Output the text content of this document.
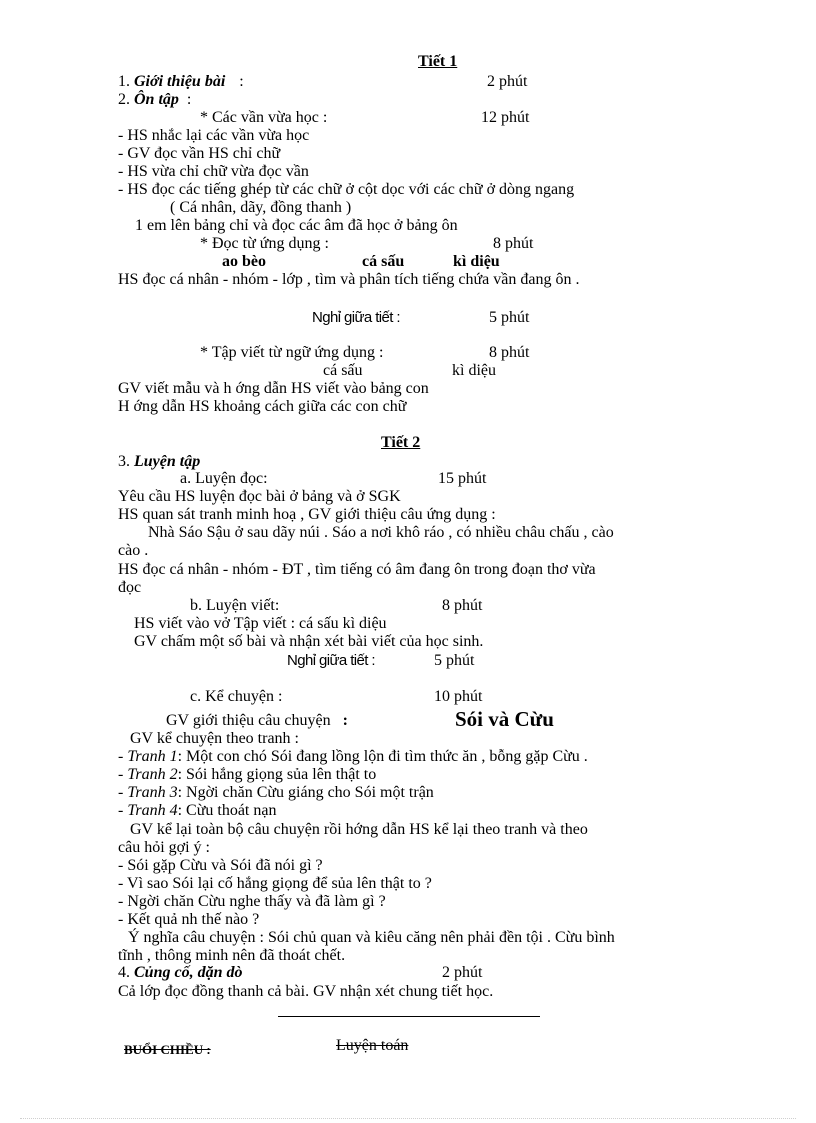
Tiết 1
1. Giới thiệu bài :	2 phút
2. Ôn tập :
* Các vần vừa học :	12 phút
- HS nhắc lại các vần vừa học
- GV đọc vần HS chỉ chữ
- HS vừa chỉ chữ vừa đọc vần
- HS đọc các tiếng ghép từ các chữ ở cột dọc với các chữ ở dòng ngang
( Cá nhân, dãy, đồng thanh )
1 em lên bảng chỉ và đọc các âm đã học ở bảng ôn
* Đọc từ ứng dụng :	8 phút
ao bèo	cá sấu	kì diệu
HS đọc cá nhân - nhóm - lớp , tìm và phân tích tiếng chứa vần đang ôn .
Nghỉ giữa tiết :	5 phút
* Tập viết từ ngữ ứng dụng :	8 phút
cá sấu	kì diệu
GV viết mẫu và h ớng dẫn HS viết vào bảng con
H ớng dẫn HS khoảng cách giữa các con chữ
Tiết 2
3. Luyện tập
a. Luyện đọc:	15 phút
Yêu cầu HS luyện đọc bài ở bảng và ở SGK
HS quan sát tranh minh hoạ , GV giới thiệu câu ứng dụng :
Nhà Sáo Sậu ở sau dãy núi . Sáo a nơi khô ráo , có nhiều châu chấu , cào
cào .
HS đọc cá nhân - nhóm - ĐT , tìm tiếng có âm đang ôn trong đoạn thơ vừa
đọc
b. Luyện viết:	8 phút
HS viết vào vở Tập viết : cá sấu kì diệu
GV chấm một số bài và nhận xét bài viết của học sinh.
Nghỉ giữa tiết :	5 phút
c. Kể chuyện :	10 phút
GV giới thiệu câu chuyện :	Sói và Cừu
GV kể chuyện theo tranh :
- Tranh 1: Một con chó Sói đang lồng lộn đi tìm thức ăn , bỗng gặp Cừu .
- Tranh 2: Sói hắng giọng sủa lên thật to
- Tranh 3: Ngời chăn Cừu giáng cho Sói một trận
- Tranh 4: Cừu thoát nạn
GV kể lại toàn bộ câu chuyện rồi hớng dẫn HS kể lại theo tranh và theo
câu hỏi gợi ý :
- Sói gặp Cừu và Sói đã nói gì ?
- Vì sao Sói lại cố hắng giọng để sủa lên thật to ?
- Ngời chăn Cừu nghe thấy và đã làm gì ?
- Kết quả nh thế nào ?
Ý nghĩa câu chuyện : Sói chủ quan và kiêu căng nên phải đền tội . Cừu bình
tĩnh , thông minh nên đã thoát chết.
4. Củng cố, dặn dò	2 phút
Cả lớp đọc đồng thanh cả bài. GV nhận xét chung tiết học.
BUỔI CHIỀU :	Luyện toán
